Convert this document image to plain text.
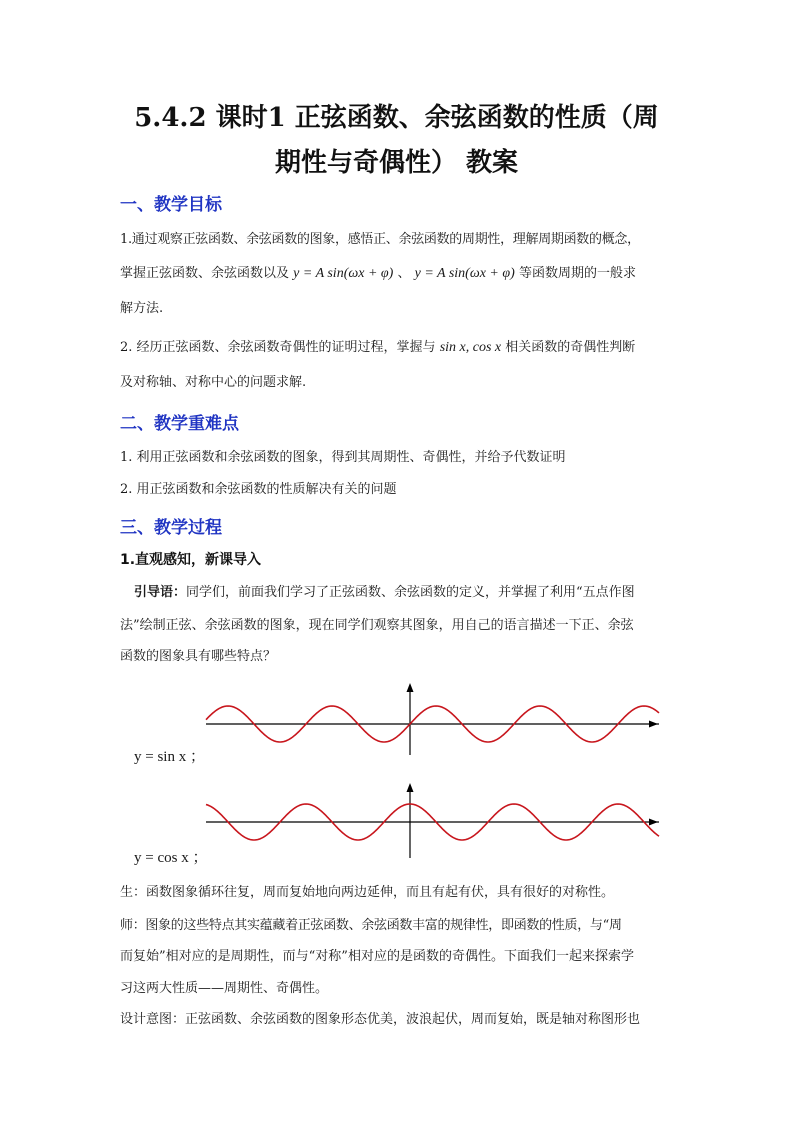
5.4.2 课时1 正弦函数、余弦函数的性质（周
期性与奇偶性） 教案
一、教学目标

1.通过观察正弦函数、余弦函数的图象，感悟正、余弦函数的周期性，理解周期函数的概念，

掌握正弦函数、余弦函数以及 y = A sin(ωx + φ) 、 y = A sin(ωx + φ) 等函数周期的一般求

解方法.

2. 经历正弦函数、余弦函数奇偶性的证明过程，掌握与 sin x, cos x 相关函数的奇偶性判断

及对称轴、对称中心的问题求解.

二、教学重难点

1. 利用正弦函数和余弦函数的图象，得到其周期性、奇偶性，并给予代数证明

2. 用正弦函数和余弦函数的性质解决有关的问题

三、教学过程

1.直观感知，新课导入

引导语：同学们，前面我们学习了正弦函数、余弦函数的定义，并掌握了利用“五点作图

法”绘制正弦、余弦函数的图象，现在同学们观察其图象，用自己的语言描述一下正、余弦

函数的图象具有哪些特点？

y = sin x ；
y = cos x ；

生：函数图象循环往复，周而复始地向两边延伸，而且有起有伏，具有很好的对称性。

师：图象的这些特点其实蕴藏着正弦函数、余弦函数丰富的规律性，即函数的性质，与“周

而复始”相对应的是周期性，而与“对称”相对应的是函数的奇偶性。下面我们一起来探索学

习这两大性质——周期性、奇偶性。

设计意图：正弦函数、余弦函数的图象形态优美，波浪起伏，周而复始，既是轴对称图形也
